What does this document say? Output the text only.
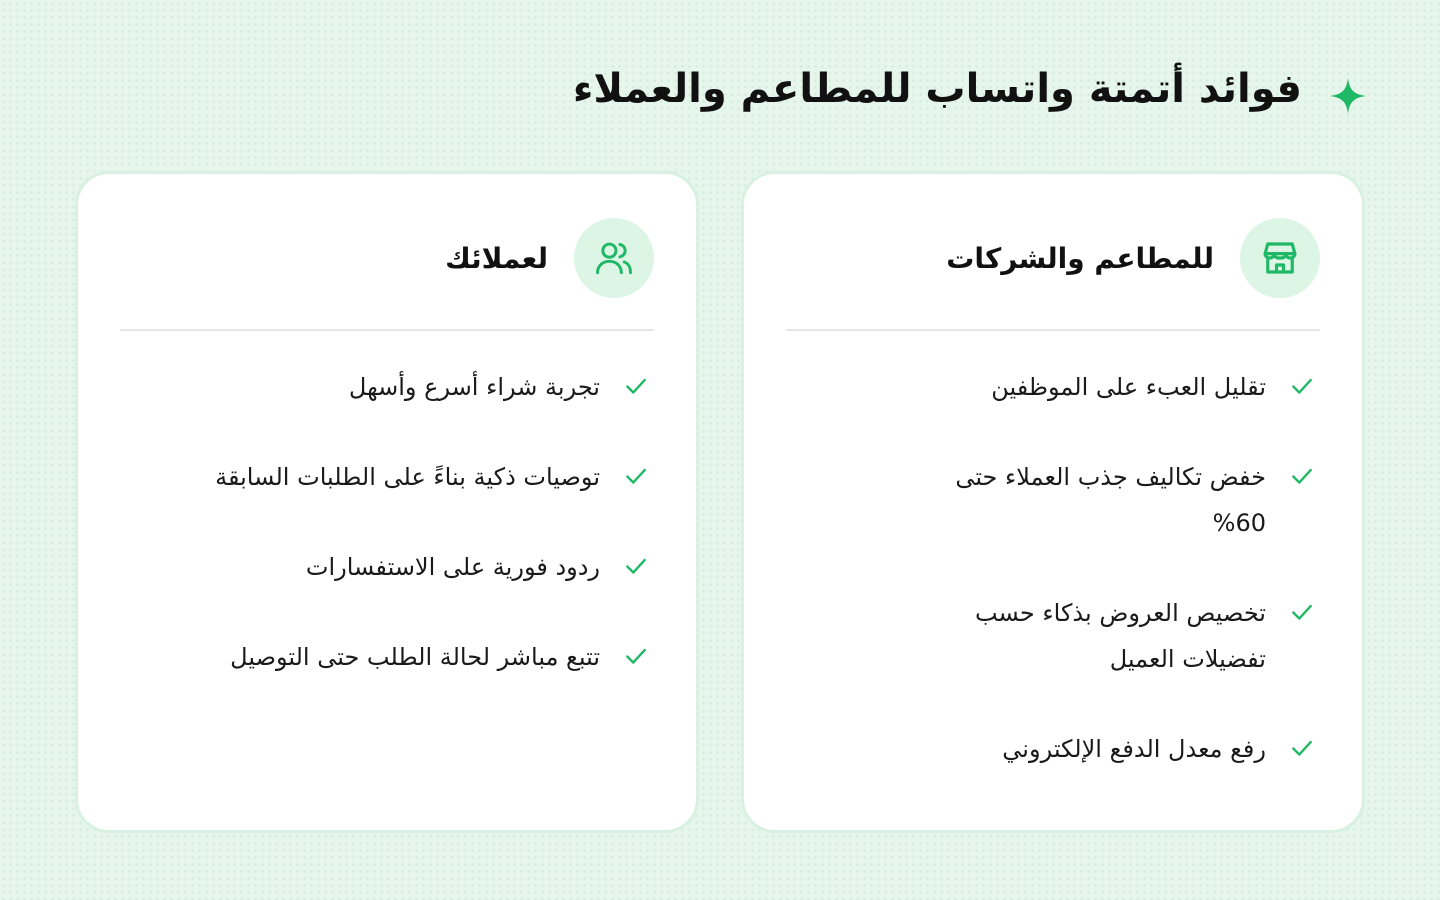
فوائد أتمتة واتساب للمطاعم والعملاء
للمطاعم والشركات
تقليل العبء على الموظفين
خفض تكاليف جذب العملاء حتى 60%
تخصيص العروض بذكاء حسب تفضيلات العميل
رفع معدل الدفع الإلكتروني
لعملائك
تجربة شراء أسرع وأسهل
توصيات ذكية بناءً على الطلبات السابقة
ردود فورية على الاستفسارات
تتبع مباشر لحالة الطلب حتى التوصيل
